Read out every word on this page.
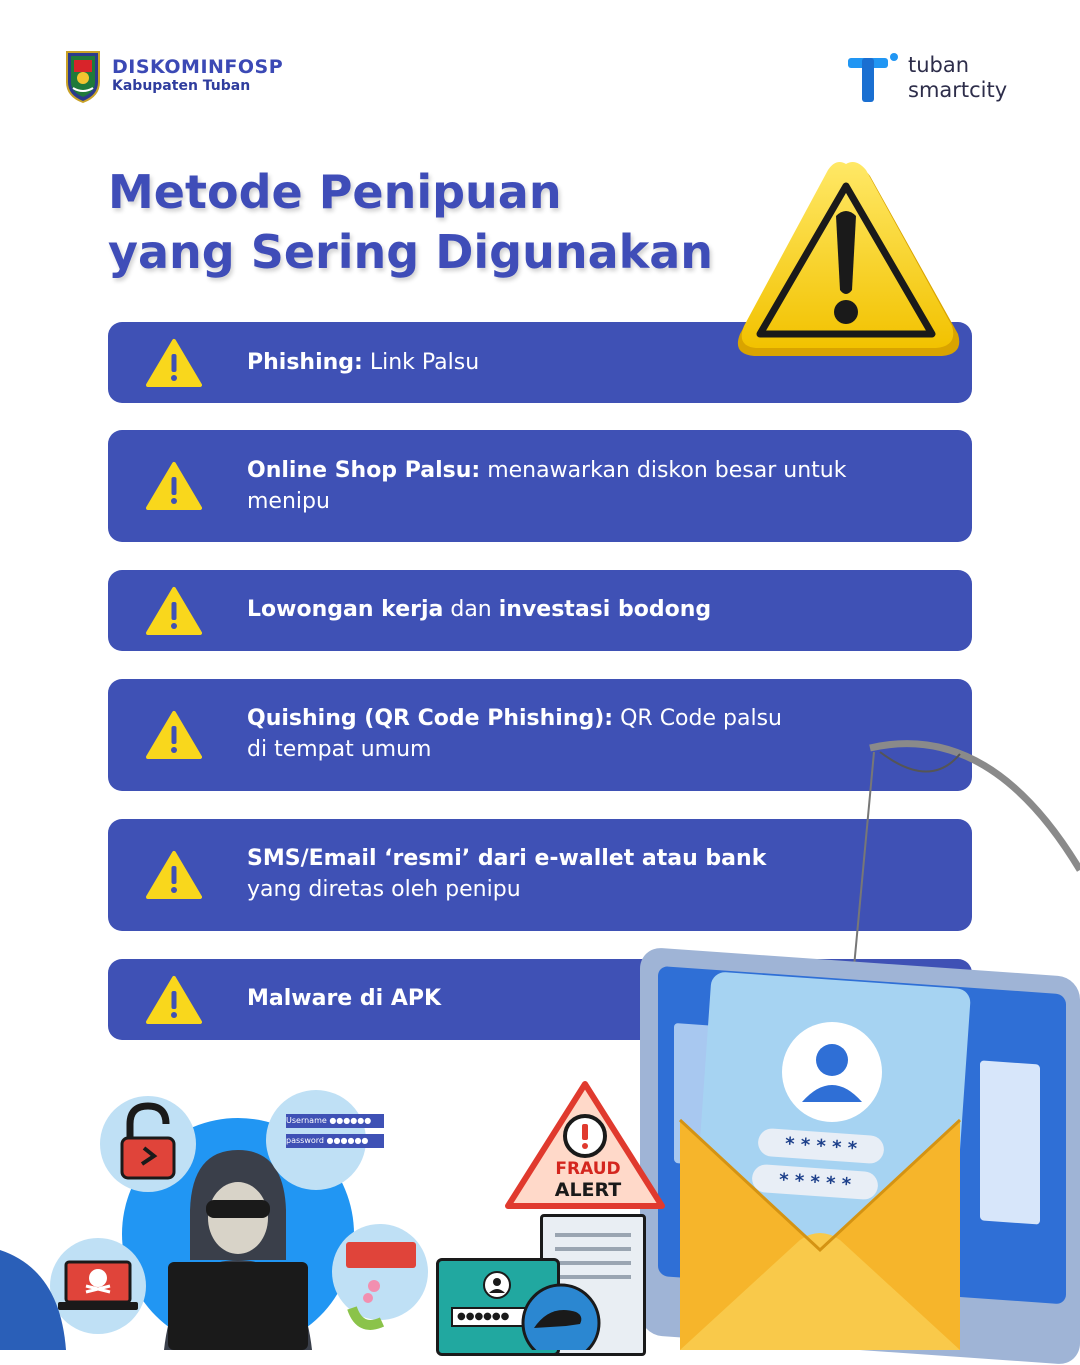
DISKOMINFOSP
Kabupaten Tuban
tuban
smartcity
Metode Penipuan
yang Sering Digunakan
Phishing: Link Palsu
Online Shop Palsu: menawarkan diskon besar untuk menipu
Lowongan kerja dan investasi bodong
Quishing (QR Code Phishing): QR Code palsu di tempat umum
SMS/Email ‘resmi’ dari e-wallet atau bank yang diretas oleh penipu
Malware di APK
* * * * *
* * * * *
FRAUD
ALERT
●●●●●●
Username ●●●●●●
password ●●●●●●
